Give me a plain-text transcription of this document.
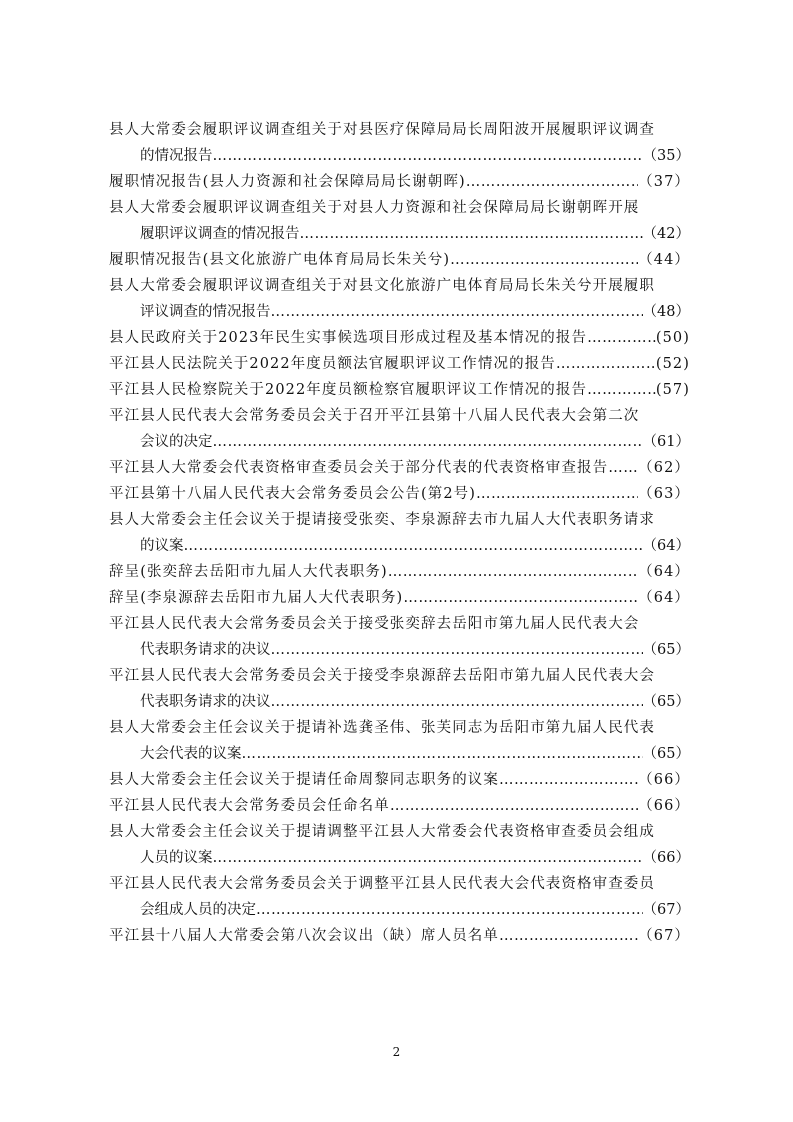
县人大常委会履职评议调查组关于对县医疗保障局局长周阳波开展履职评议调查
的情况报告 ………………………………………………………………………………………………………………………………………………	（35）
履职情况报告(县人力资源和社会保障局局长谢朝晖) ………………………………………………………………………………………………………………………………………………	（37）
县人大常委会履职评议调查组关于对县人力资源和社会保障局局长谢朝晖开展
履职评议调查的情况报告 ………………………………………………………………………………………………………………………………………………	（42）
履职情况报告(县文化旅游广电体育局局长朱关兮) ………………………………………………………………………………………………………………………………………………	（44）
县人大常委会履职评议调查组关于对县文化旅游广电体育局局长朱关兮开展履职
评议调查的情况报告 ………………………………………………………………………………………………………………………………………………	（48）
县人民政府关于2023年民生实事候选项目形成过程及基本情况的报告 ………………………………………………………………………………………………………………………………………………	(50)
平江县人民法院关于2022年度员额法官履职评议工作情况的报告 ………………………………………………………………………………………………………………………………………………	(52)
平江县人民检察院关于2022年度员额检察官履职评议工作情况的报告 ………………………………………………………………………………………………………………………………………………	(57)
平江县人民代表大会常务委员会关于召开平江县第十八届人民代表大会第二次
会议的决定 ………………………………………………………………………………………………………………………………………………	（61）
平江县人大常委会代表资格审查委员会关于部分代表的代表资格审查报告 ……………………………………………………………………………………………………………………………………………… （62）
平江县第十八届人民代表大会常务委员会公告(第2号) ………………………………………………………………………………………………………………………………………………	（63）
县人大常委会主任会议关于提请接受张奕、李泉源辞去市九届人大代表职务请求
的议案 ………………………………………………………………………………………………………………………………………………	（64）
辞呈(张奕辞去岳阳市九届人大代表职务) ………………………………………………………………………………………………………………………………………………	（64）
辞呈(李泉源辞去岳阳市九届人大代表职务) ………………………………………………………………………………………………………………………………………………	（64）
平江县人民代表大会常务委员会关于接受张奕辞去岳阳市第九届人民代表大会
代表职务请求的决议 ………………………………………………………………………………………………………………………………………………	（65）
平江县人民代表大会常务委员会关于接受李泉源辞去岳阳市第九届人民代表大会
代表职务请求的决议 ………………………………………………………………………………………………………………………………………………	（65）
县人大常委会主任会议关于提请补选龚圣伟、张芙同志为岳阳市第九届人民代表
大会代表的议案 ………………………………………………………………………………………………………………………………………………	（65）
县人大常委会主任会议关于提请任命周黎同志职务的议案 ………………………………………………………………………………………………………………………………………………	（66）
平江县人民代表大会常务委员会任命名单 ………………………………………………………………………………………………………………………………………………	（66）
县人大常委会主任会议关于提请调整平江县人大常委会代表资格审查委员会组成
人员的议案 ………………………………………………………………………………………………………………………………………………	（66）
平江县人民代表大会常务委员会关于调整平江县人民代表大会代表资格审查委员
会组成人员的决定 ………………………………………………………………………………………………………………………………………………	（67）
平江县十八届人大常委会第八次会议出（缺）席人员名单 ………………………………………………………………………………………………………………………………………………	（67）
2
